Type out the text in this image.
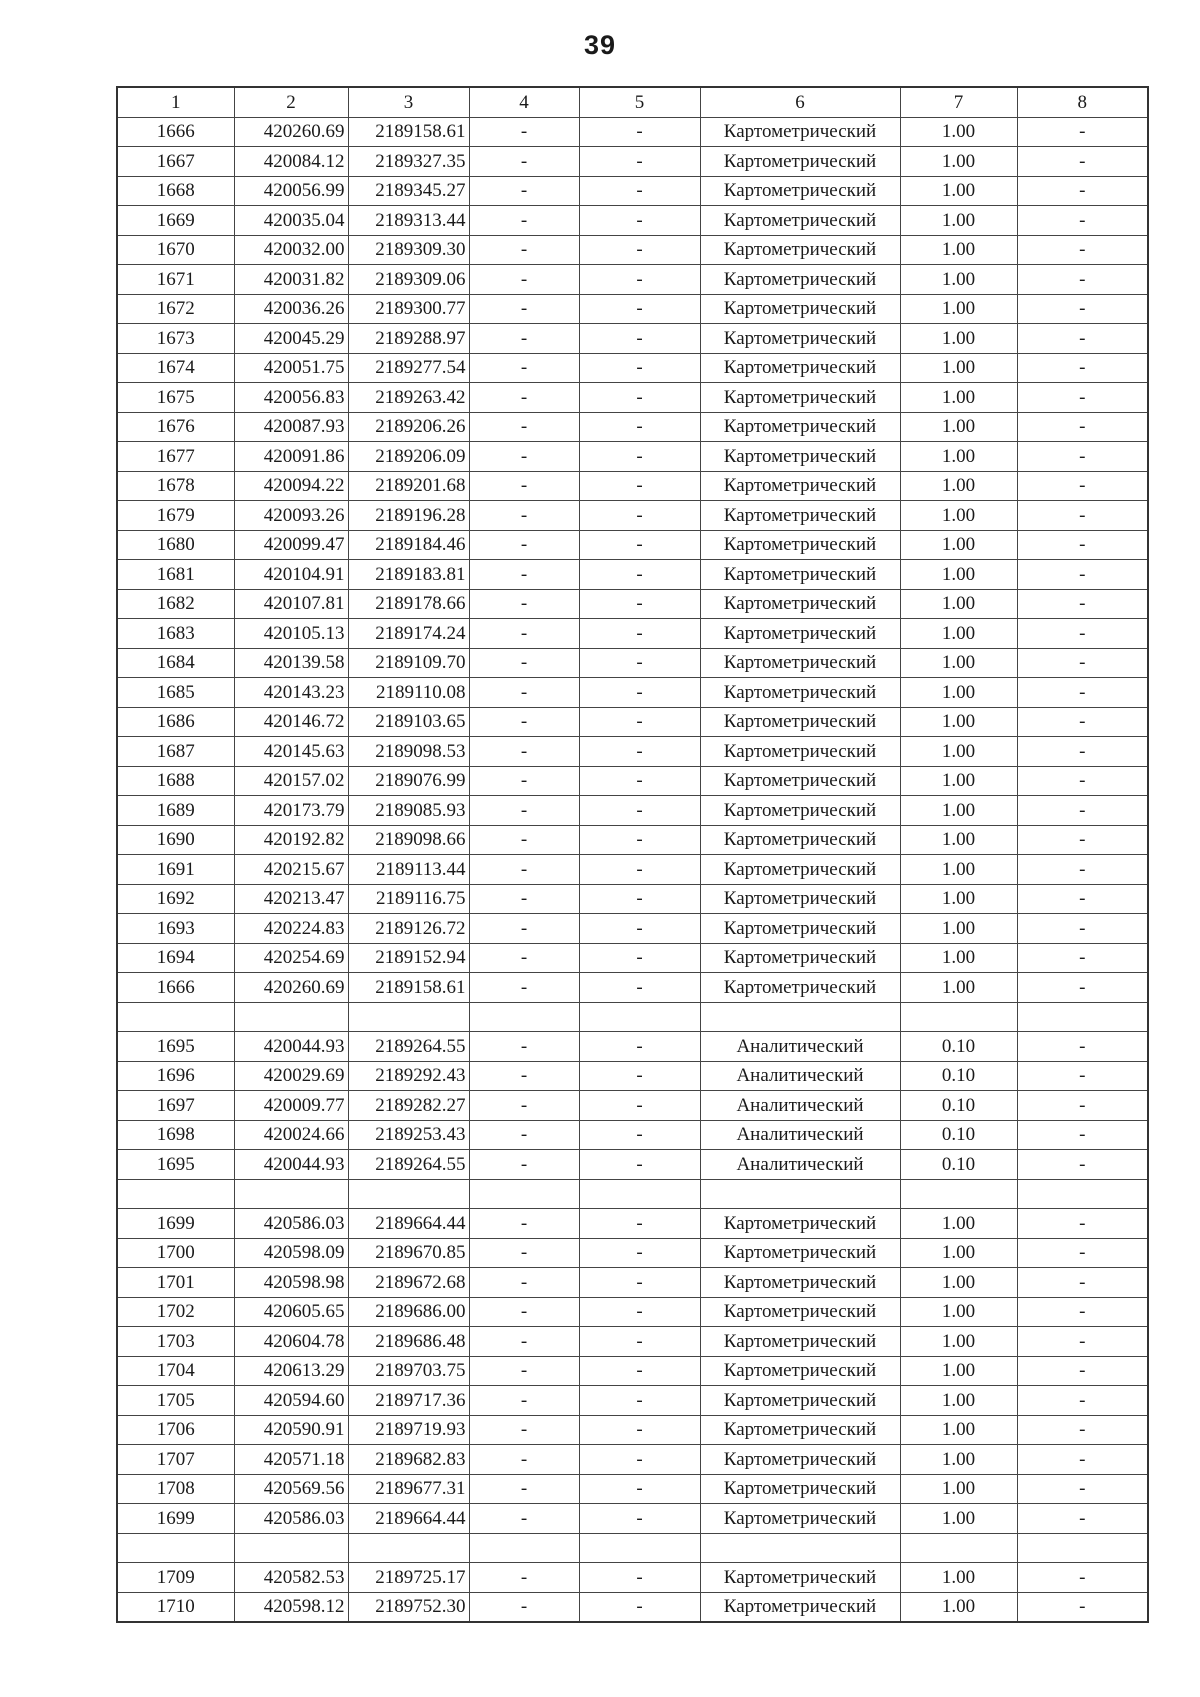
39
1	2	3	4	5	6	7	8
1666	420260.69	2189158.61	-	-	Картометрический	1.00	-
1667	420084.12	2189327.35	-	-	Картометрический	1.00	-
1668	420056.99	2189345.27	-	-	Картометрический	1.00	-
1669	420035.04	2189313.44	-	-	Картометрический	1.00	-
1670	420032.00	2189309.30	-	-	Картометрический	1.00	-
1671	420031.82	2189309.06	-	-	Картометрический	1.00	-
1672	420036.26	2189300.77	-	-	Картометрический	1.00	-
1673	420045.29	2189288.97	-	-	Картометрический	1.00	-
1674	420051.75	2189277.54	-	-	Картометрический	1.00	-
1675	420056.83	2189263.42	-	-	Картометрический	1.00	-
1676	420087.93	2189206.26	-	-	Картометрический	1.00	-
1677	420091.86	2189206.09	-	-	Картометрический	1.00	-
1678	420094.22	2189201.68	-	-	Картометрический	1.00	-
1679	420093.26	2189196.28	-	-	Картометрический	1.00	-
1680	420099.47	2189184.46	-	-	Картометрический	1.00	-
1681	420104.91	2189183.81	-	-	Картометрический	1.00	-
1682	420107.81	2189178.66	-	-	Картометрический	1.00	-
1683	420105.13	2189174.24	-	-	Картометрический	1.00	-
1684	420139.58	2189109.70	-	-	Картометрический	1.00	-
1685	420143.23	2189110.08	-	-	Картометрический	1.00	-
1686	420146.72	2189103.65	-	-	Картометрический	1.00	-
1687	420145.63	2189098.53	-	-	Картометрический	1.00	-
1688	420157.02	2189076.99	-	-	Картометрический	1.00	-
1689	420173.79	2189085.93	-	-	Картометрический	1.00	-
1690	420192.82	2189098.66	-	-	Картометрический	1.00	-
1691	420215.67	2189113.44	-	-	Картометрический	1.00	-
1692	420213.47	2189116.75	-	-	Картометрический	1.00	-
1693	420224.83	2189126.72	-	-	Картометрический	1.00	-
1694	420254.69	2189152.94	-	-	Картометрический	1.00	-
1666	420260.69	2189158.61	-	-	Картометрический	1.00	-

1695	420044.93	2189264.55	-	-	Аналитический	0.10	-
1696	420029.69	2189292.43	-	-	Аналитический	0.10	-
1697	420009.77	2189282.27	-	-	Аналитический	0.10	-
1698	420024.66	2189253.43	-	-	Аналитический	0.10	-
1695	420044.93	2189264.55	-	-	Аналитический	0.10	-

1699	420586.03	2189664.44	-	-	Картометрический	1.00	-
1700	420598.09	2189670.85	-	-	Картометрический	1.00	-
1701	420598.98	2189672.68	-	-	Картометрический	1.00	-
1702	420605.65	2189686.00	-	-	Картометрический	1.00	-
1703	420604.78	2189686.48	-	-	Картометрический	1.00	-
1704	420613.29	2189703.75	-	-	Картометрический	1.00	-
1705	420594.60	2189717.36	-	-	Картометрический	1.00	-
1706	420590.91	2189719.93	-	-	Картометрический	1.00	-
1707	420571.18	2189682.83	-	-	Картометрический	1.00	-
1708	420569.56	2189677.31	-	-	Картометрический	1.00	-
1699	420586.03	2189664.44	-	-	Картометрический	1.00	-

1709	420582.53	2189725.17	-	-	Картометрический	1.00	-
1710	420598.12	2189752.30	-	-	Картометрический	1.00	-
